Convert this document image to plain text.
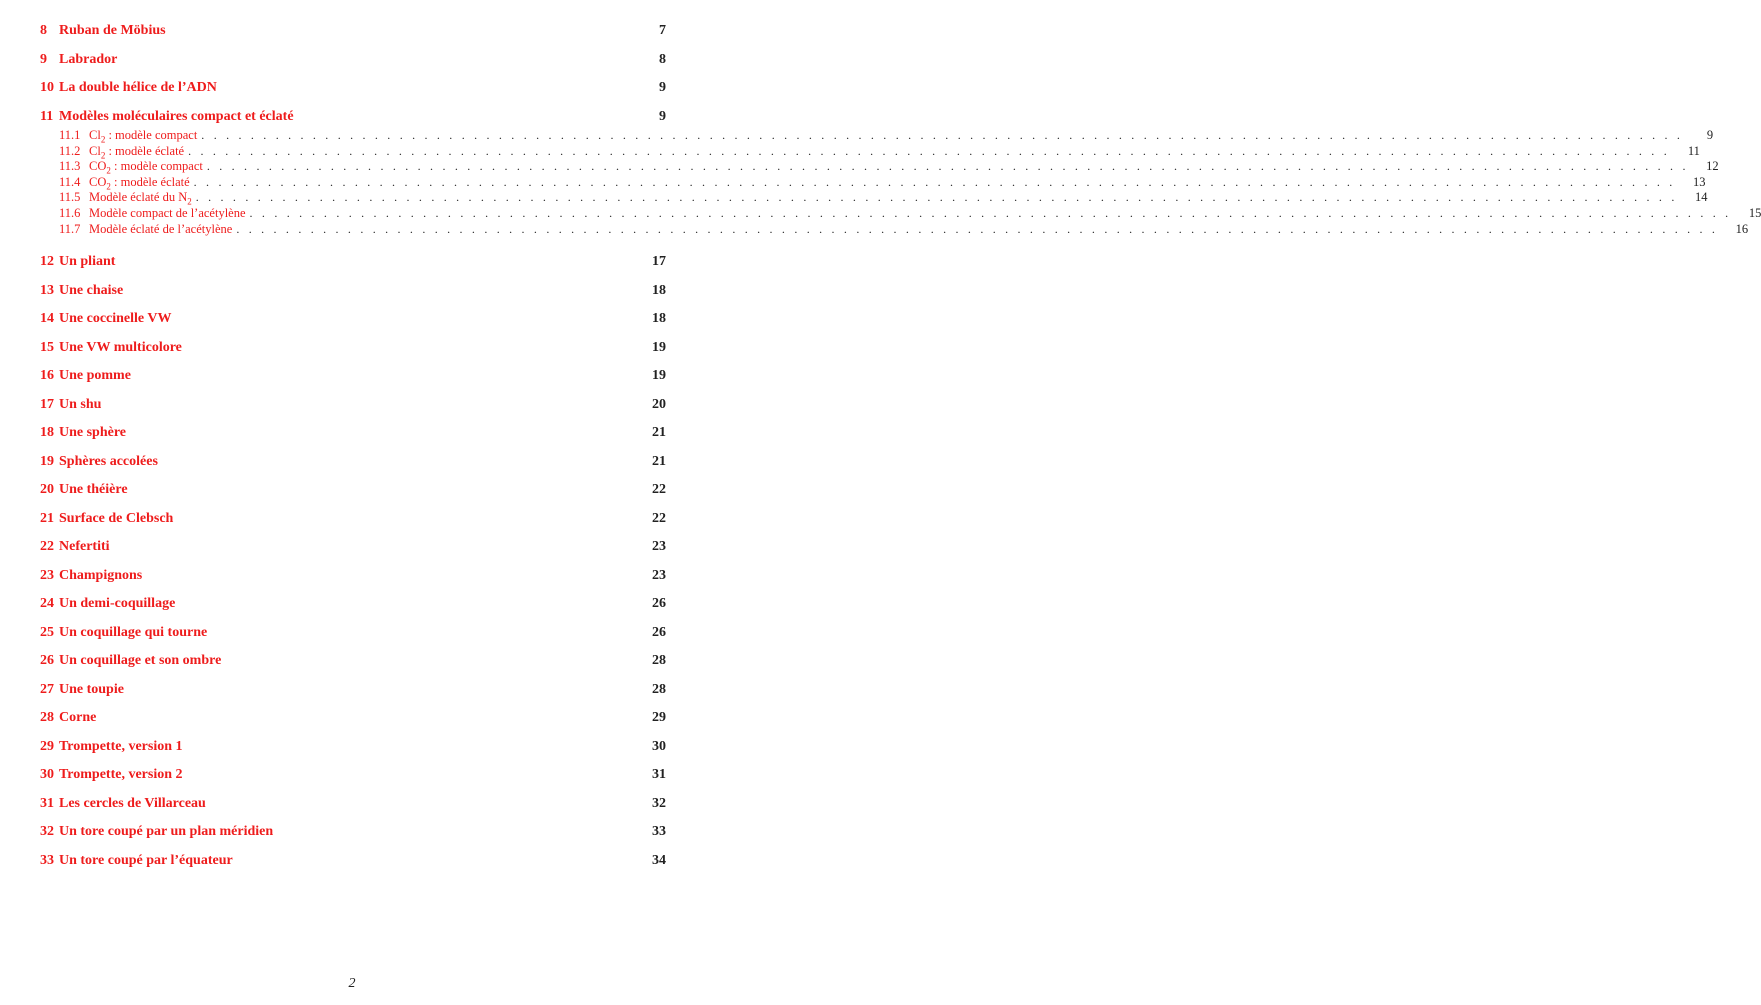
8 Ruban de Möbius	7
9 Labrador	8
10 La double hélice de l’ADN	9
11 Modèles moléculaires compact et éclaté	9
11.1 $Cl_2$ : modèle compact . . . . . . . . . . . . . . . . . . . . . . . . . . . . . . . . . . . . . . . . . . . . . . . . . . . . . . . . . . . . . . . . . . . . . . . . . . . . . . . . . . . . . . . . . . . . . . . . . . . . . . . . . . . . . . . . . . . . . . . .	9
11.2 $Cl_2$ : modèle éclaté . . . . . . . . . . . . . . . . . . . . . . . . . . . . . . . . . . . . . . . . . . . . . . . . . . . . . . . . . . . . . . . . . . . . . . . . . . . . . . . . . . . . . . . . . . . . . . . . . . . . . . . . . . . . . . . . . . . . . . . .	11
11.3 $CO_2$ : modèle compact . . . . . . . . . . . . . . . . . . . . . . . . . . . . . . . . . . . . . . . . . . . . . . . . . . . . . . . . . . . . . . . . . . . . . . . . . . . . . . . . . . . . . . . . . . . . . . . . . . . . . . . . . . . . . . . . . . . . . . . .	12
11.4 $CO_2$ : modèle éclaté . . . . . . . . . . . . . . . . . . . . . . . . . . . . . . . . . . . . . . . . . . . . . . . . . . . . . . . . . . . . . . . . . . . . . . . . . . . . . . . . . . . . . . . . . . . . . . . . . . . . . . . . . . . . . . . . . . . . . . . .	13
11.5 Modèle éclaté du $N_2$ . . . . . . . . . . . . . . . . . . . . . . . . . . . . . . . . . . . . . . . . . . . . . . . . . . . . . . . . . . . . . . . . . . . . . . . . . . . . . . . . . . . . . . . . . . . . . . . . . . . . . . . . . . . . . . . . . . . . . . . .	14
11.6 Modèle compact de l’acétylène . . . . . . . . . . . . . . . . . . . . . . . . . . . . . . . . . . . . . . . . . . . . . . . . . . . . . . . . . . . . . . . . . . . . . . . . . . . . . . . . . . . . . . . . . . . . . . . . . . . . . . . . . . . . . . . . . . . . . . . .	15
11.7 Modèle éclaté de l’acétylène . . . . . . . . . . . . . . . . . . . . . . . . . . . . . . . . . . . . . . . . . . . . . . . . . . . . . . . . . . . . . . . . . . . . . . . . . . . . . . . . . . . . . . . . . . . . . . . . . . . . . . . . . . . . . . . . . . . . . . . .	16
12 Un pliant	17
13 Une chaise	18
14 Une coccinelle VW	18
15 Une VW multicolore	19
16 Une pomme	19
17 Un shu	20
18 Une sphère	21
19 Sphères accolées	21
20 Une théière	22
21 Surface de Clebsch	22
22 Nefertiti	23
23 Champignons	23
24 Un demi-coquillage	26
25 Un coquillage qui tourne	26
26 Un coquillage et son ombre	28
27 Une toupie	28
28 Corne	29
29 Trompette, version 1	30
30 Trompette, version 2	31
31 Les cercles de Villarceau	32
32 Un tore coupé par un plan méridien	33
33 Un tore coupé par l’équateur	34
2
